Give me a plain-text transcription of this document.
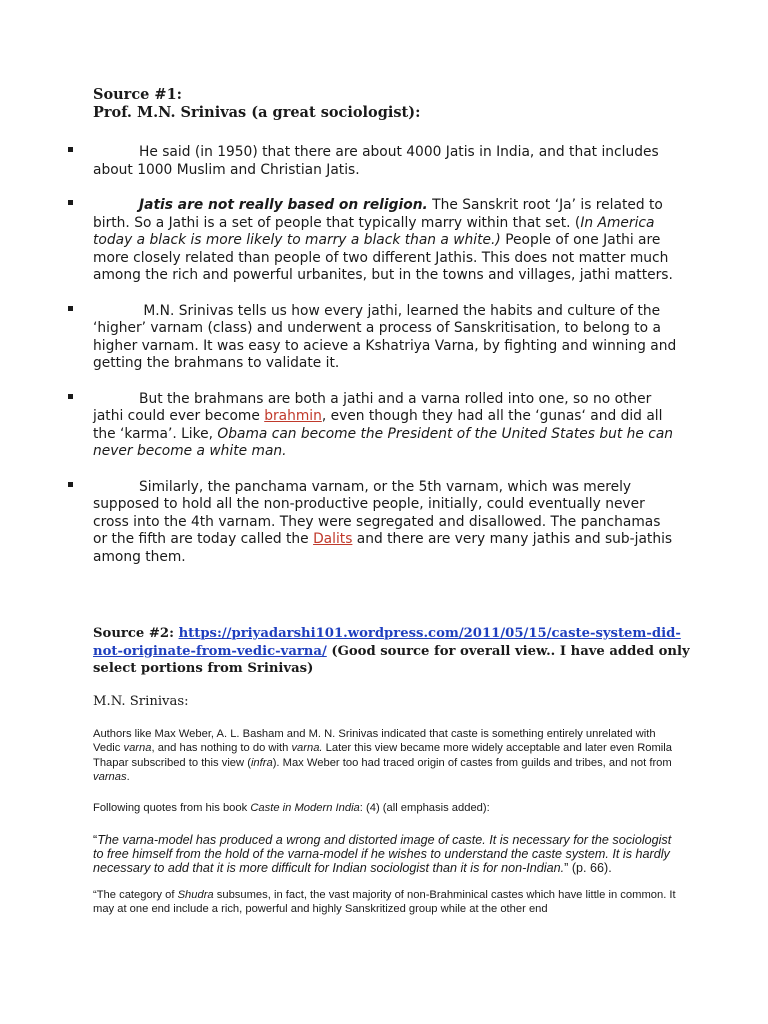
Source #1:
Prof. M.N. Srinivas (a great sociologist):
He said (in 1950) that there are about 4000 Jatis in India, and that includes about 1000 Muslim and Christian Jatis.
Jatis are not really based on religion. The Sanskrit root ‘Ja’ is related to birth. So a Jathi is a set of people that typically marry within that set. (In America today a black is more likely to marry a black than a white.) People of one Jathi are more closely related than people of two different Jathis. This does not matter much among the rich and powerful urbanites, but in the towns and villages, jathi matters.
M.N. Srinivas tells us how every jathi, learned the habits and culture of the ‘higher’ varnam (class) and underwent a process of Sanskritisation, to belong to a higher varnam. It was easy to acieve a Kshatriya Varna, by fighting and winning and getting the brahmans to validate it.
But the brahmans are both a jathi and a varna rolled into one, so no other jathi could ever become brahmin, even though they had all the ‘gunas‘ and did all the ‘karma’. Like, Obama can become the President of the United States but he can never become a white man.
Similarly, the panchama varnam, or the 5th varnam, which was merely supposed to hold all the non-productive people, initially, could eventually never cross into the 4th varnam. They were segregated and disallowed. The panchamas or the fifth are today called the Dalits and there are very many jathis and sub-jathis among them.
Source #2: https://priyadarshi101.wordpress.com/2011/05/15/caste-system-did-not-originate-from-vedic-varna/ (Good source for overall view.. I have added only select portions from Srinivas)
M.N. Srinivas:
Authors like Max Weber, A. L. Basham and M. N. Srinivas indicated that caste is something entirely unrelated with Vedic varna, and has nothing to do with varna. Later this view became more widely acceptable and later even Romila Thapar subscribed to this view (infra). Max Weber too had traced origin of castes from guilds and tribes, and not from varnas.
Following quotes from his book Caste in Modern India: (4) (all emphasis added):
“The varna-model has produced a wrong and distorted image of caste. It is necessary for the sociologist to free himself from the hold of the varna-model if he wishes to understand the caste system. It is hardly necessary to add that it is more difficult for Indian sociologist than it is for non-Indian.” (p. 66).
“The category of Shudra subsumes, in fact, the vast majority of non-Brahminical castes which have little in common. It may at one end include a rich, powerful and highly Sanskritized group while at the other end
